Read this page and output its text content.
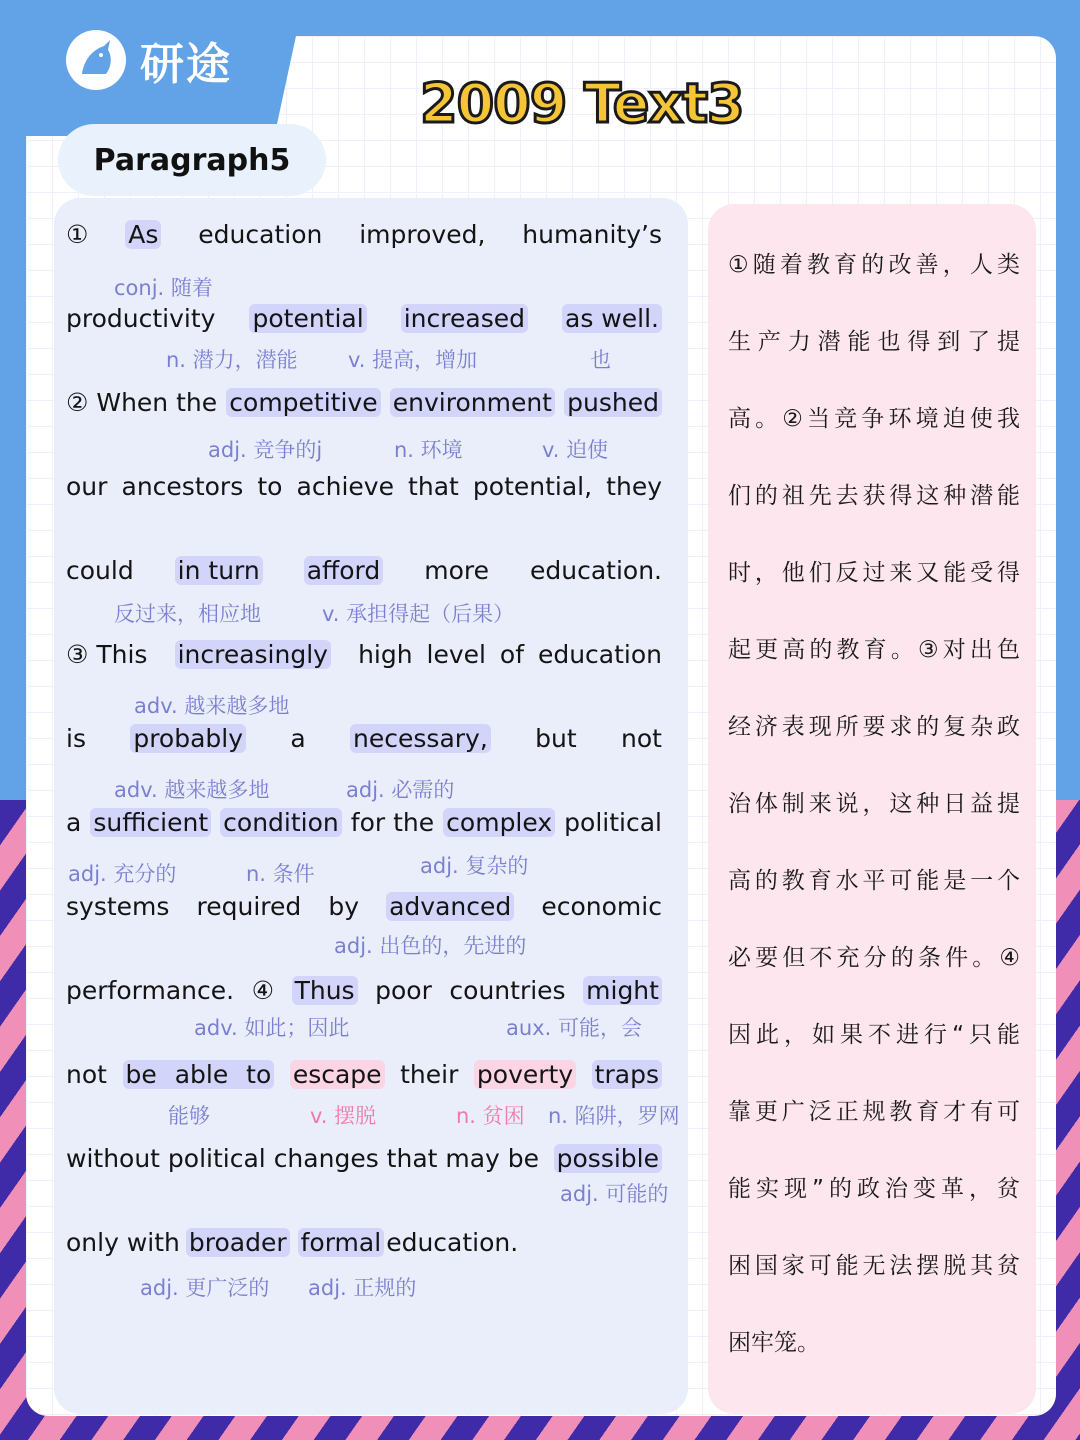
研途
2009 Text3
Paragraph5
① As education improved, humanity’s
conj. 随着
productivity potential increased as well.
n. 潜力，潜能 v. 提高，增加	也
② When the competitive environment pushed
adj. 竞争的j	n. 环境	v. 迫使
our ancestors to achieve that potential, they
could in turn afford more education.
反过来，相应地	v. 承担得起（后果）
③ This increasingly high level of education
adv. 越来越多地
is probably a necessary, but not
adv. 越来越多地	adj. 必需的
a sufficient condition for the complex political
adj. 充分的	n. 条件	adj. 复杂的
systems required by advanced economic
adj. 出色的，先进的
performance. ④ Thus poor countries might
adv. 如此；因此	aux. 可能，会
not be able to escape their poverty traps
能够	v. 摆脱	n. 贫困 n. 陷阱，罗网
without political changes that may be possible
adj. 可能的
only with broader formal education.
adj. 更广泛的 adj. 正规的
①随着教育的改善，人类
生产力潜能也得到了提
高。②当竞争环境迫使我
们的祖先去获得这种潜能
时，他们反过来又能受得
起更高的教育。③对出色
经济表现所要求的复杂政
治体制来说，这种日益提
高的教育水平可能是一个
必要但不充分的条件。④
因此，如果不进行“只能
靠更广泛正规教育才有可
能实现”的政治变革，贫
困国家可能无法摆脱其贫
困牢笼。
